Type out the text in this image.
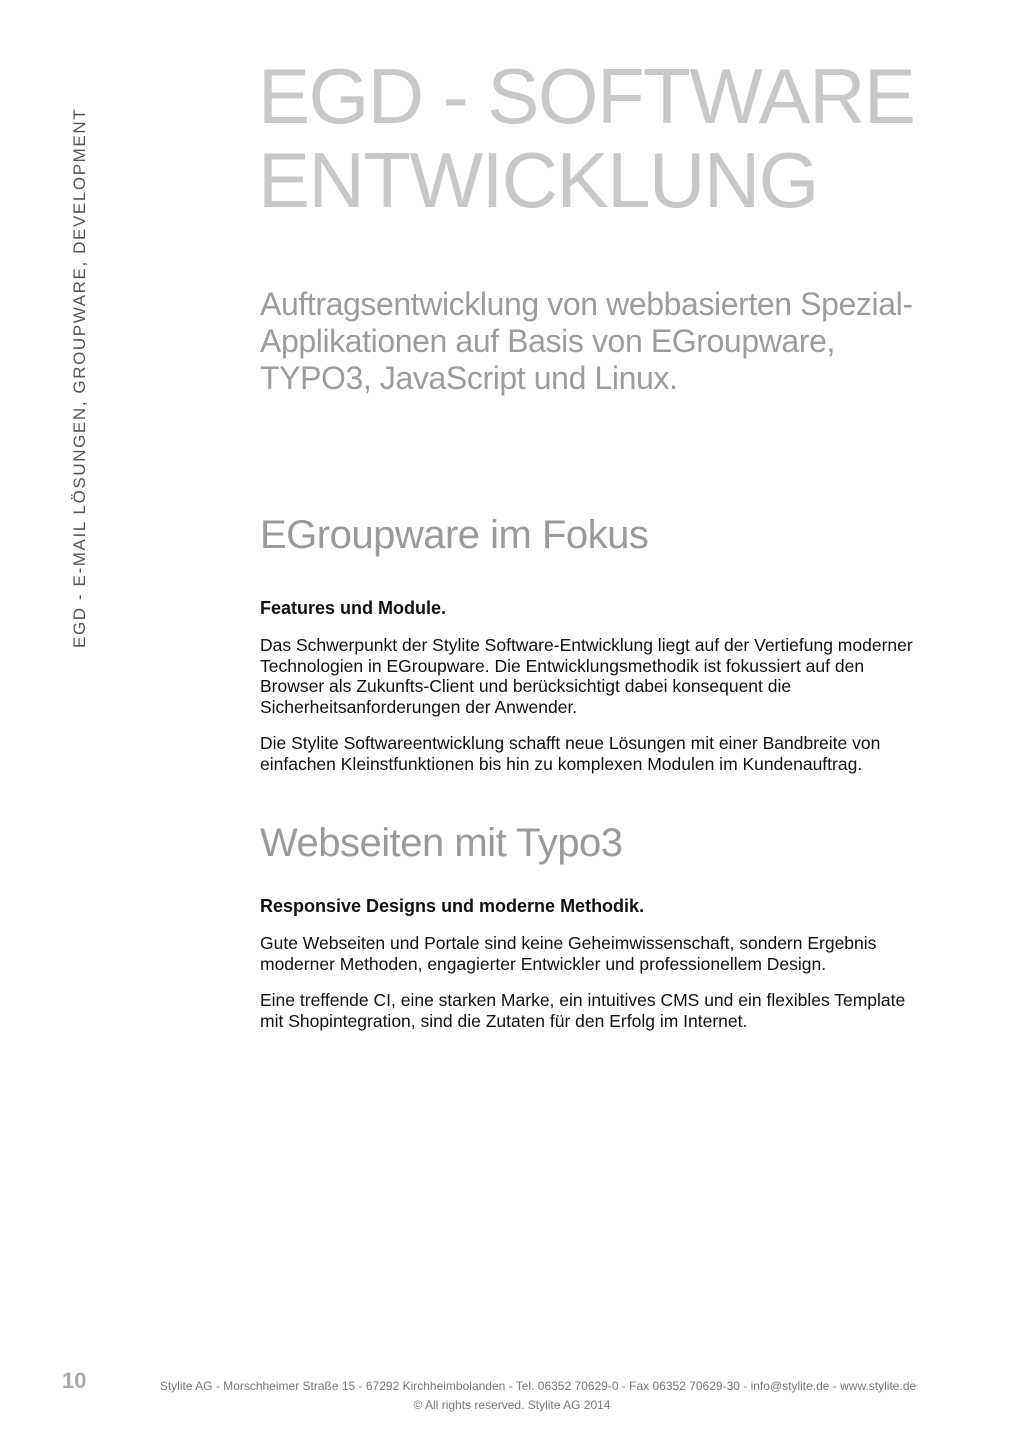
EGD - E-MAIL LÖSUNGEN, GROUPWARE, DEVELOPMENT
EGD - SOFTWARE
ENTWICKLUNG
Auftragsentwicklung von webbasierten Spezial-
Applikationen auf Basis von EGroupware,
TYPO3, JavaScript und Linux.
EGroupware im Fokus
Features und Module.

Das Schwerpunkt der Stylite Software-Entwicklung liegt auf der Vertiefung moderner
Technologien in EGroupware. Die Entwicklungsmethodik ist fokussiert auf den
Browser als Zukunfts-Client und berücksichtigt dabei konsequent die
Sicherheitsanforderungen der Anwender.

Die Stylite Softwareentwicklung schafft neue Lösungen mit einer Bandbreite von
einfachen Kleinstfunktionen bis hin zu komplexen Modulen im Kundenauftrag.

Webseiten mit Typo3
Responsive Designs und moderne Methodik.

Gute Webseiten und Portale sind keine Geheimwissenschaft, sondern Ergebnis
moderner Methoden, engagierter Entwickler und professionellem Design.

Eine treffende CI, eine starken Marke, ein intuitives CMS und ein flexibles Template
mit Shopintegration, sind die Zutaten für den Erfolg im Internet.

10	Stylite AG - Morschheimer Straße 15 - 67292 Kirchheimbolanden - Tel. 06352 70629-0 - Fax 06352 70629-30 - info@stylite.de - www.stylite.de
© All rights reserved. Stylite AG 2014
